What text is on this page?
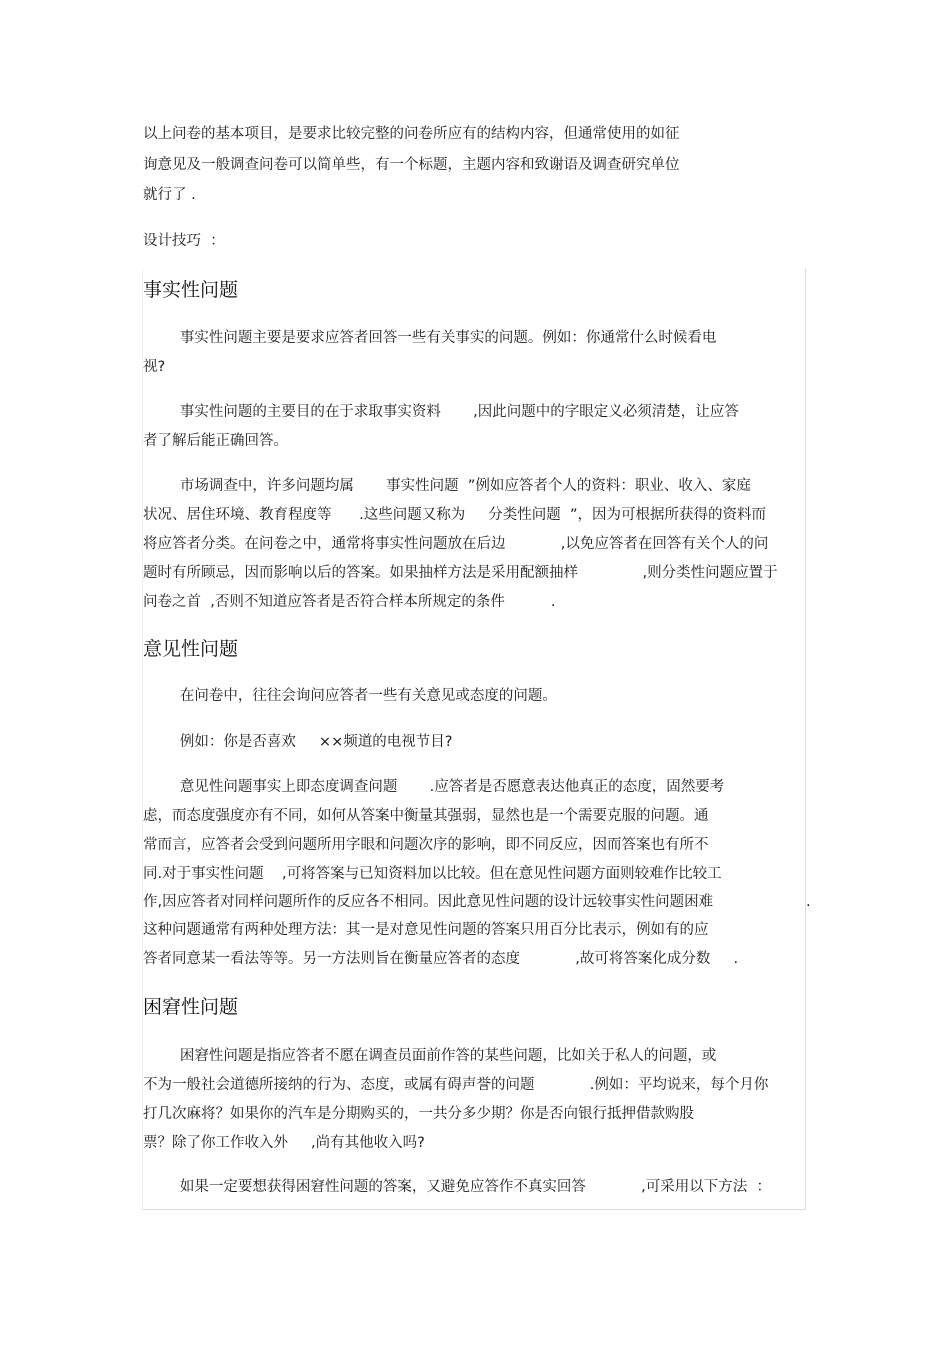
以上问卷的基本项目，是要求比较完整的问卷所应有的结构内容，但通常使用的如征
询意见及一般调查问卷可以简单些，有一个标题，主题内容和致谢语及调查研究单位
就行了 .
设计技巧  ：
事实性问题
事实性问题主要是要求应答者回答一些有关事实的问题。例如：你通常什么时候看电
视?
事实性问题的主要目的在于求取事实资料       ,因此问题中的字眼定义必须清楚，让应答
者了解后能正确回答。
市场调查中，许多问题均属       事实性问题  ”例如应答者个人的资料：职业、收入、家庭
状况、居住环境、教育程度等      .这些问题又称为     分类性问题  ”，因为可根据所获得的资料而
将应答者分类。在问卷之中，通常将事实性问题放在后边            ,以免应答者在回答有关个人的问
题时有所顾忌，因而影响以后的答案。如果抽样方法是采用配额抽样              ,则分类性问题应置于
问卷之首  ,否则不知道应答者是否符合样本所规定的条件          .
意见性问题
在问卷中，往往会询问应答者一些有关意见或态度的问题。
例如：你是否喜欢     ××频道的电视节目?
意见性问题事实上即态度调查问题       .应答者是否愿意表达他真正的态度，固然要考
虑，而态度强度亦有不同，如何从答案中衡量其强弱，显然也是一个需要克服的问题。通
常而言，应答者会受到问题所用字眼和问题次序的影响，即不同反应，因而答案也有所不
同.对于事实性问题    ,可将答案与已知资料加以比较。但在意见性问题方面则较难作比较工
作,因应答者对同样问题所作的反应各不相同。因此意见性问题的设计远较事实性问题困难	.
这种问题通常有两种处理方法：其一是对意见性问题的答案只用百分比表示，例如有的应
答者同意某一看法等等。另一方法则旨在衡量应答者的态度            ,故可将答案化成分数     .
困窘性问题
困窘性问题是指应答者不愿在调查员面前作答的某些问题，比如关于私人的问题，或
不为一般社会道德所接纳的行为、态度，或属有碍声誉的问题            .例如：平均说来，每个月你
打几次麻将？如果你的汽车是分期购买的，一共分多少期？你是否向银行抵押借款购股
票？除了你工作收入外     ,尚有其他收入吗?
如果一定要想获得困窘性问题的答案，又避免应答作不真实回答            ,可采用以下方法  ：
